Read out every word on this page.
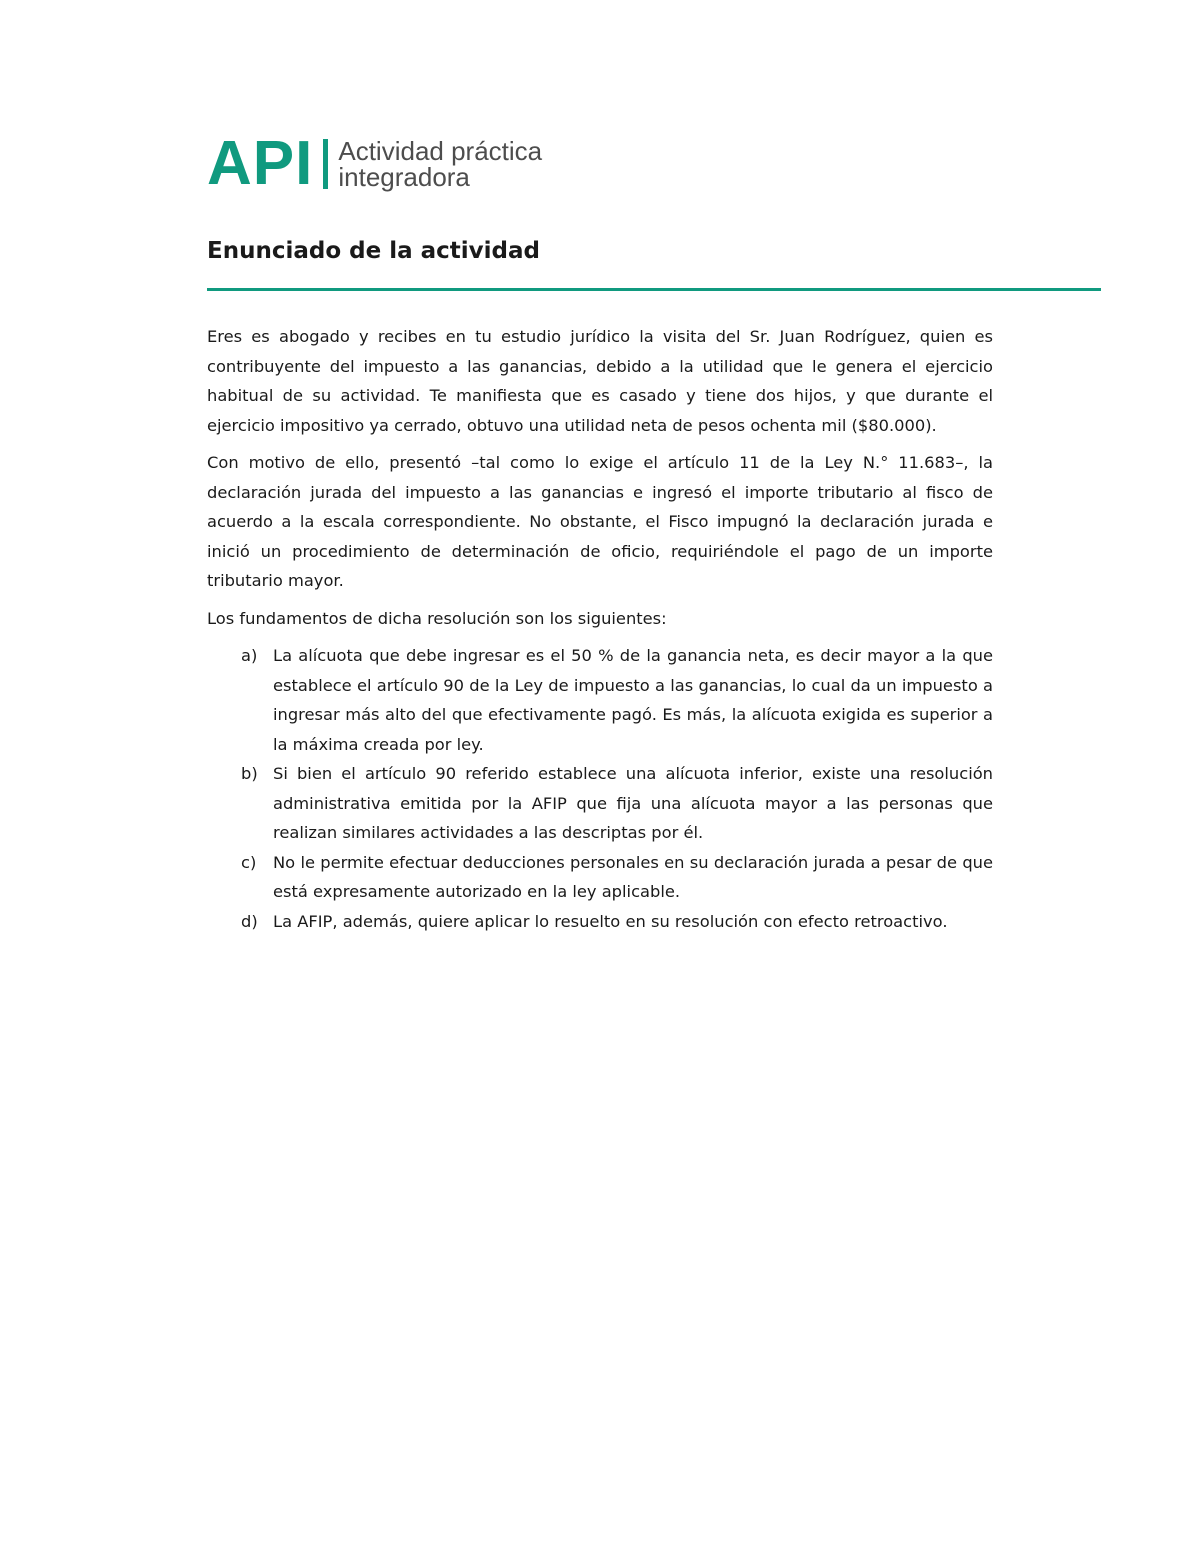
API Actividad práctica
integradora
Enunciado de la actividad

Eres es abogado y recibes en tu estudio jurídico la visita del Sr. Juan Rodríguez, quien es contribuyente del impuesto a las ganancias, debido a la utilidad que le genera el ejercicio habitual de su actividad. Te manifiesta que es casado y tiene dos hijos, y que durante el ejercicio impositivo ya cerrado, obtuvo una utilidad neta de pesos ochenta mil ($80.000).

Con motivo de ello, presentó –tal como lo exige el artículo 11 de la Ley N.° 11.683–, la declaración jurada del impuesto a las ganancias e ingresó el importe tributario al fisco de acuerdo a la escala correspondiente. No obstante, el Fisco impugnó la declaración jurada e inició un procedimiento de determinación de oficio, requiriéndole el pago de un importe tributario mayor.

Los fundamentos de dicha resolución son los siguientes:

a) La alícuota que debe ingresar es el 50 % de la ganancia neta, es decir mayor a la que establece el artículo 90 de la Ley de impuesto a las ganancias, lo cual da un impuesto a ingresar más alto del que efectivamente pagó. Es más, la alícuota exigida es superior a la máxima creada por ley.
b) Si bien el artículo 90 referido establece una alícuota inferior, existe una resolución administrativa emitida por la AFIP que fija una alícuota mayor a las personas que realizan similares actividades a las descriptas por él.
c) No le permite efectuar deducciones personales en su declaración jurada a pesar de que está expresamente autorizado en la ley aplicable.
d) La AFIP, además, quiere aplicar lo resuelto en su resolución con efecto retroactivo.
